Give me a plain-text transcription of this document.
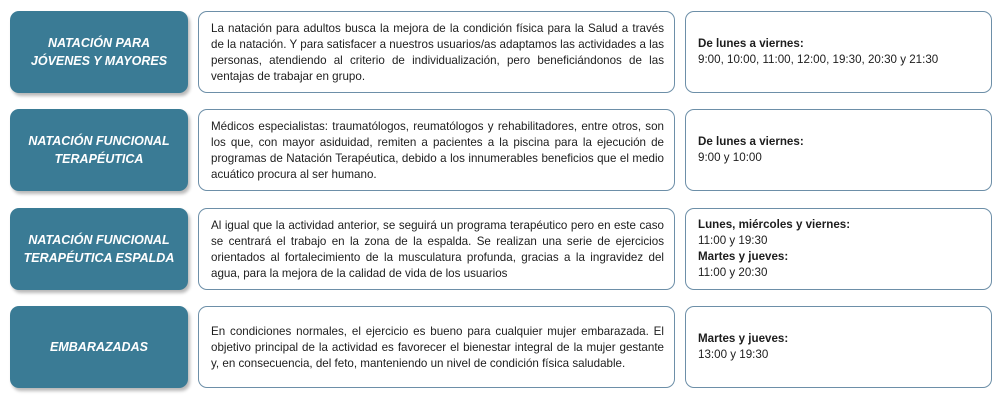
NATACIÓN PARA JÓVENES Y MAYORES
La natación para adultos busca la mejora de la condición física para la Salud a través de la natación. Y para satisfacer a nuestros usuarios/as adaptamos las actividades a las personas, atendiendo al criterio de individualización, pero beneficiándonos de las ventajas de trabajar en grupo.
De lunes a viernes:
9:00, 10:00, 11:00, 12:00, 19:30, 20:30 y 21:30
NATACIÓN FUNCIONAL TERAPÉUTICA
Médicos especialistas: traumatólogos, reumatólogos y rehabilitadores, entre otros, son los que, con mayor asiduidad, remiten a pacientes a la piscina para la ejecución de programas de Natación Terapéutica, debido a los innumerables beneficios que el medio acuático procura al ser humano.
De lunes a viernes:
9:00 y 10:00
NATACIÓN FUNCIONAL TERAPÉUTICA ESPALDA
Al igual que la actividad anterior, se seguirá un programa terapéutico pero en este caso se centrará el trabajo en la zona de la espalda. Se realizan una serie de ejercicios orientados al fortalecimiento de la musculatura profunda, gracias a la ingravidez del agua, para la mejora de la calidad de vida de los usuarios
Lunes, miércoles y viernes:
11:00 y 19:30
Martes y jueves:
11:00 y 20:30
EMBARAZADAS
En condiciones normales, el ejercicio es bueno para cualquier mujer embarazada. El objetivo principal de la actividad es favorecer el bienestar integral de la mujer gestante y, en consecuencia, del feto, manteniendo un nivel de condición física saludable.
Martes y jueves:
13:00 y 19:30
